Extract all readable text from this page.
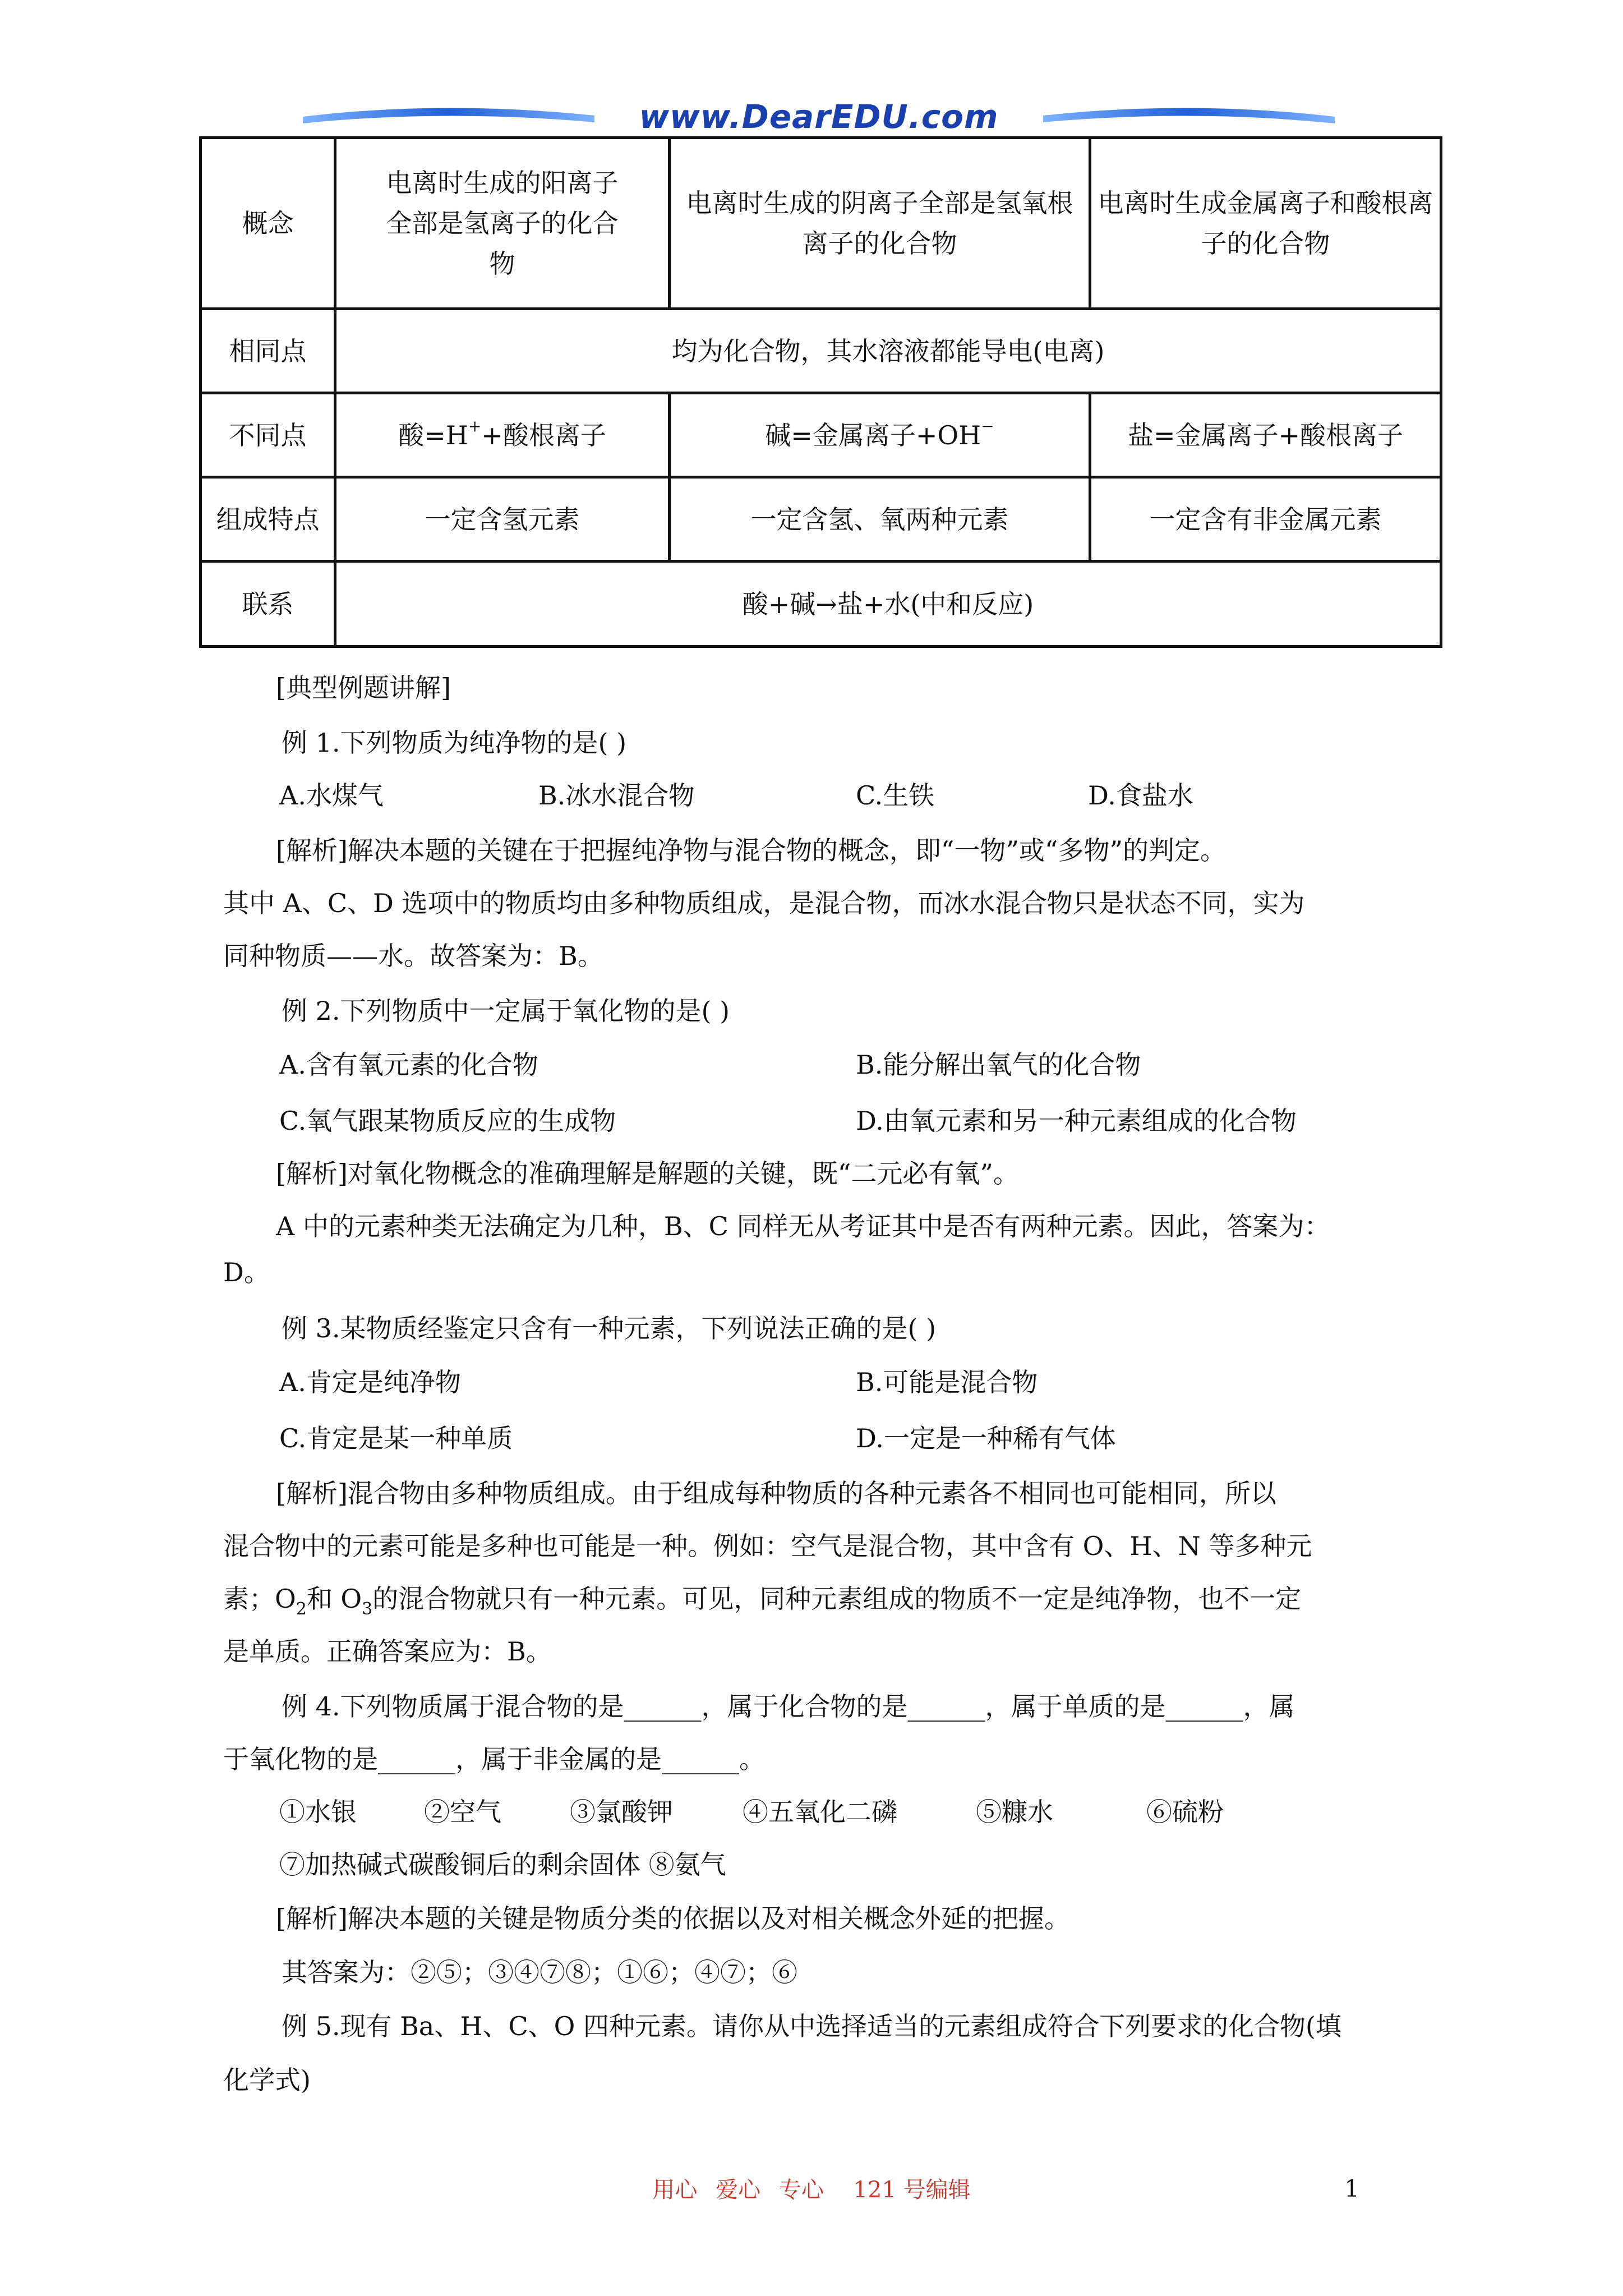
www.DearEDU.com
概念	电离时生成的阳离子全部是氢离子的化合物	电离时生成的阴离子全部是氢氧根离子的化合物	电离时生成金属离子和酸根离子的化合物
相同点	均为化合物，其水溶液都能导电(电离)		
不同点	酸=H++酸根离子	碱=金属离子+OH−	盐=金属离子+酸根离子
组成特点	一定含氢元素	一定含氢、氧两种元素	一定含有非金属元素
联系	酸+碱→盐+水(中和反应)		
[典型例题讲解]
例 1.下列物质为纯净物的是( )
A.水煤气	B.冰水混合物	C.生铁	D.食盐水
[解析]解决本题的关键在于把握纯净物与混合物的概念，即“一物”或“多物”的判定。
其中 A、C、D 选项中的物质均由多种物质组成，是混合物，而冰水混合物只是状态不同，实为
同种物质——水。故答案为：B。
例 2.下列物质中一定属于氧化物的是( )
A.含有氧元素的化合物	B.能分解出氧气的化合物
C.氧气跟某物质反应的生成物	D.由氧元素和另一种元素组成的化合物
[解析]对氧化物概念的准确理解是解题的关键，既“二元必有氧”。
A 中的元素种类无法确定为几种，B、C 同样无从考证其中是否有两种元素。因此，答案为：
D。
例 3.某物质经鉴定只含有一种元素，下列说法正确的是( )
A.肯定是纯净物	B.可能是混合物
C.肯定是某一种单质	D.一定是一种稀有气体
[解析]混合物由多种物质组成。由于组成每种物质的各种元素各不相同也可能相同，所以
混合物中的元素可能是多种也可能是一种。例如：空气是混合物，其中含有 O、H、N 等多种元
素；$O_2$和 $O_3$的混合物就只有一种元素。可见，同种元素组成的物质不一定是纯净物，也不一定
是单质。正确答案应为：B。
例 4.下列物质属于混合物的是______，属于化合物的是______，属于单质的是______，属
于氧化物的是______，属于非金属的是______。
①水银	②空气	③氯酸钾	④五氧化二磷	⑤糠水	⑥硫粉
⑦加热碱式碳酸铜后的剩余固体 ⑧氨气
[解析]解决本题的关键是物质分类的依据以及对相关概念外延的把握。
其答案为：②⑤；③④⑦⑧；①⑥；④⑦；⑥
例 5.现有 Ba、H、C、O 四种元素。请你从中选择适当的元素组成符合下列要求的化合物(填
化学式)
用心 爱心 专心 121 号编辑	1
